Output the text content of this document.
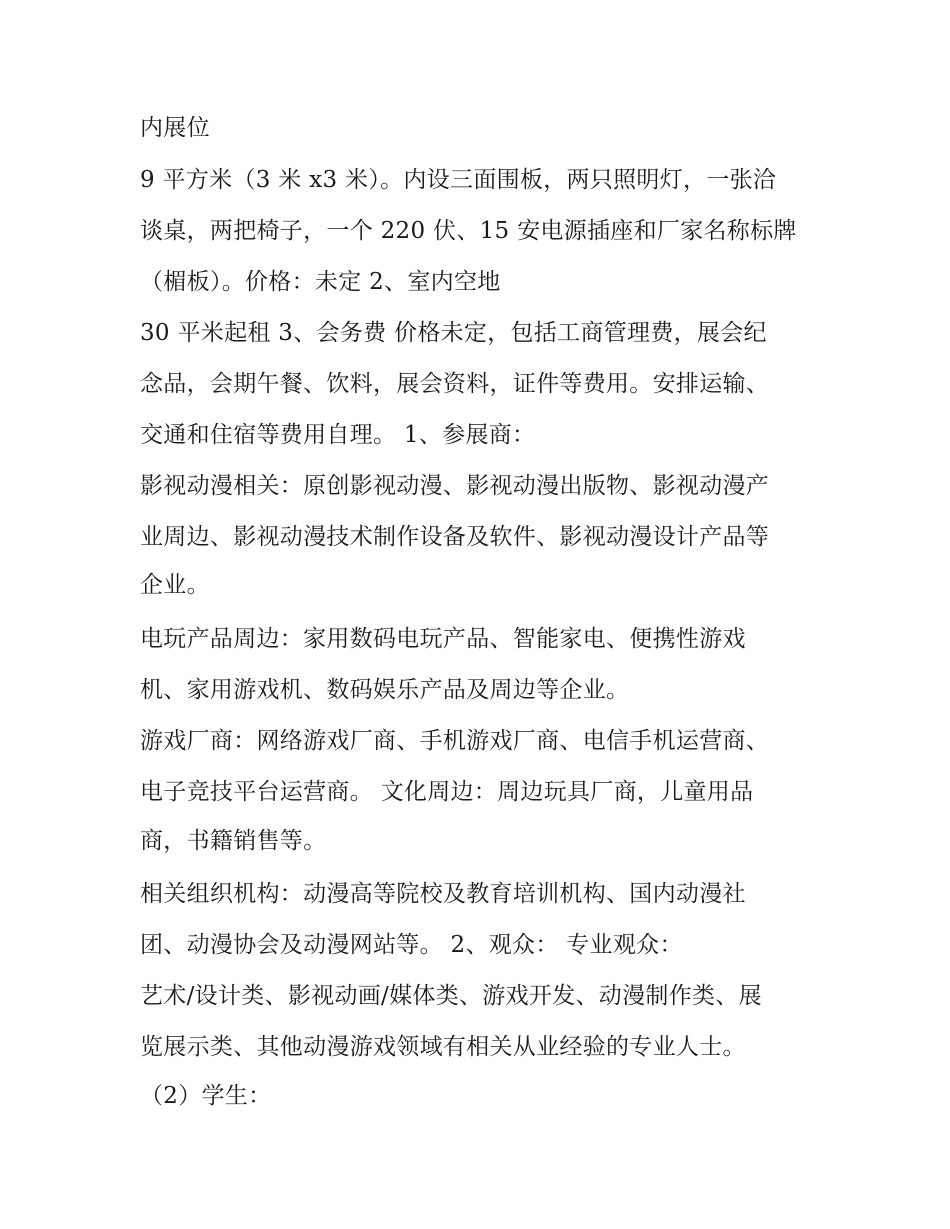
内展位
9 平方米（3 米 x3 米）。内设三面围板，两只照明灯，一张洽
谈桌，两把椅子，一个 220 伏、15 安电源插座和厂家名称标牌
（楣板）。价格：未定 2、室内空地
30 平米起租 3、会务费 价格未定，包括工商管理费，展会纪
念品，会期午餐、饮料，展会资料，证件等费用。安排运输、
交通和住宿等费用自理。 1、参展商：
影视动漫相关：原创影视动漫、影视动漫出版物、影视动漫产
业周边、影视动漫技术制作设备及软件、影视动漫设计产品等
企业。
电玩产品周边：家用数码电玩产品、智能家电、便携性游戏
机、家用游戏机、数码娱乐产品及周边等企业。
游戏厂商：网络游戏厂商、手机游戏厂商、电信手机运营商、
电子竞技平台运营商。 文化周边：周边玩具厂商，儿童用品
商，书籍销售等。
相关组织机构：动漫高等院校及教育培训机构、国内动漫社
团、动漫协会及动漫网站等。 2、观众： 专业观众：
艺术/设计类、影视动画/媒体类、游戏开发、动漫制作类、展
览展示类、其他动漫游戏领域有相关从业经验的专业人士。
（2）学生：
